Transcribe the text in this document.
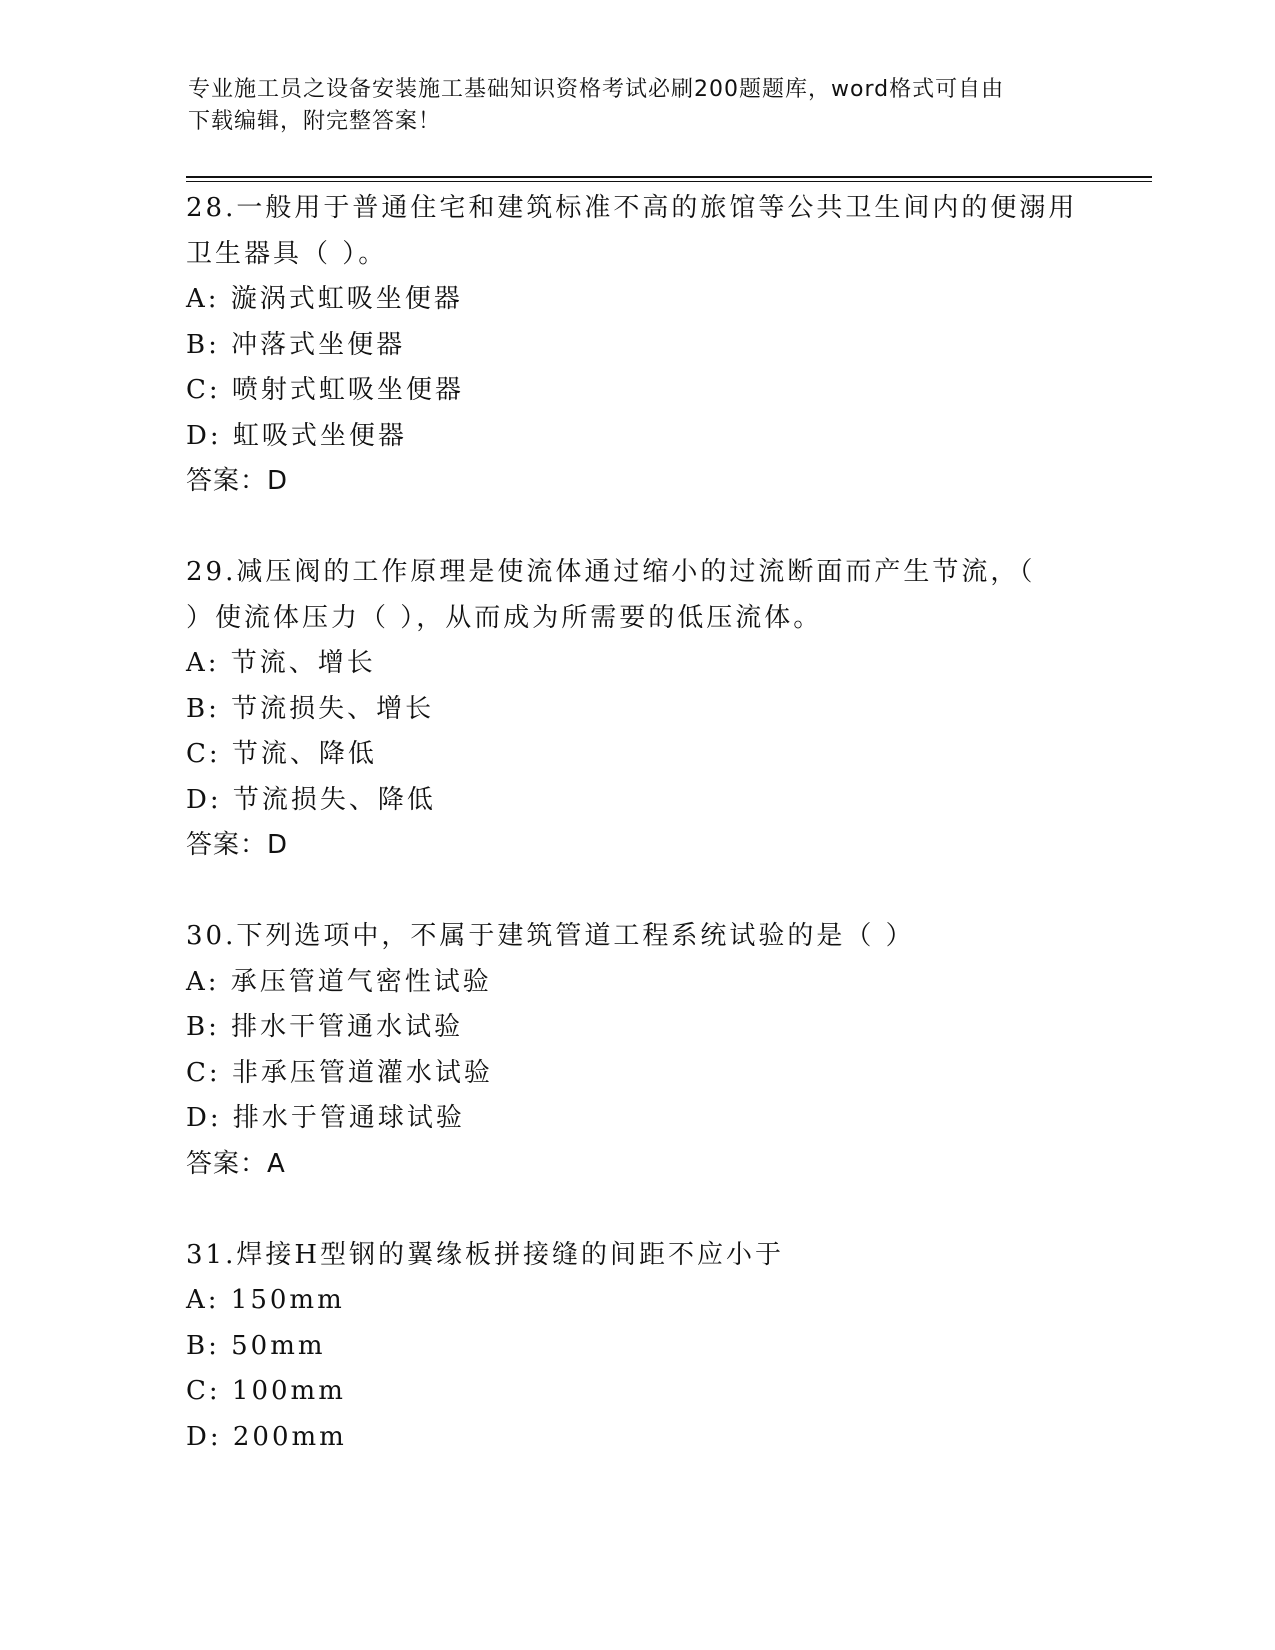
专业施工员之设备安装施工基础知识资格考试必刷200题题库，word格式可自由
下载编辑，附完整答案！
28.一般用于普通住宅和建筑标准不高的旅馆等公共卫生间内的便溺用
卫生器具（ ）。
A: 漩涡式虹吸坐便器
B: 冲落式坐便器
C: 喷射式虹吸坐便器
D: 虹吸式坐便器
答案：D
29.减压阀的工作原理是使流体通过缩小的过流断面而产生节流，（
）使流体压力（ ），从而成为所需要的低压流体。
A: 节流、增长
B: 节流损失、增长
C: 节流、降低
D: 节流损失、降低
答案：D
30.下列选项中，不属于建筑管道工程系统试验的是（ ）
A: 承压管道气密性试验
B: 排水干管通水试验
C: 非承压管道灌水试验
D: 排水于管通球试验
答案：A
31.焊接H型钢的翼缘板拼接缝的间距不应小于
A: 150mm
B: 50mm
C: 100mm
D: 200mm
